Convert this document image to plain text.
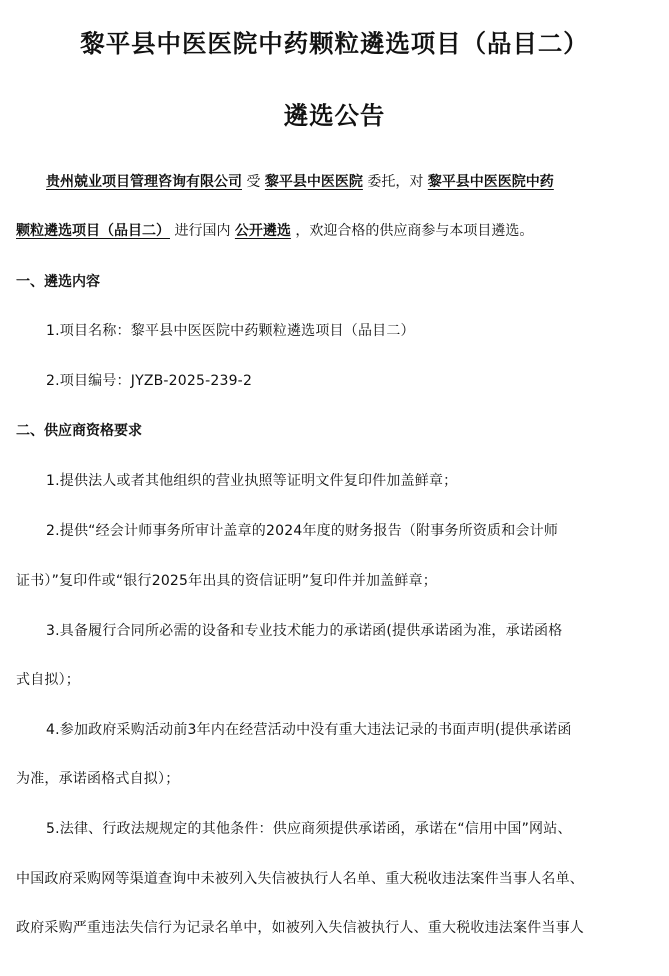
黎平县中医医院中药颗粒遴选项目（品目二）
遴选公告
贵州兢业项目管理咨询有限公司 受 黎平县中医医院 委托，对 黎平县中医医院中药
颗粒遴选项目（品目二） 进行国内 公开遴选 ，欢迎合格的供应商参与本项目遴选。
一、遴选内容
1.项目名称：黎平县中医医院中药颗粒遴选项目（品目二）
2.项目编号：JYZB-2025-239-2
二、供应商资格要求
1.提供法人或者其他组织的营业执照等证明文件复印件加盖鲜章；
2.提供“经会计师事务所审计盖章的2024年度的财务报告（附事务所资质和会计师
证书）”复印件或“银行2025年出具的资信证明”复印件并加盖鲜章；
3.具备履行合同所必需的设备和专业技术能力的承诺函(提供承诺函为准，承诺函格
式自拟）；
4.参加政府采购活动前3年内在经营活动中没有重大违法记录的书面声明(提供承诺函
为准，承诺函格式自拟）；
5.法律、行政法规规定的其他条件：供应商须提供承诺函，承诺在“信用中国”网站、
中国政府采购网等渠道查询中未被列入失信被执行人名单、重大税收违法案件当事人名单、
政府采购严重违法失信行为记录名单中，如被列入失信被执行人、重大税收违法案件当事人
